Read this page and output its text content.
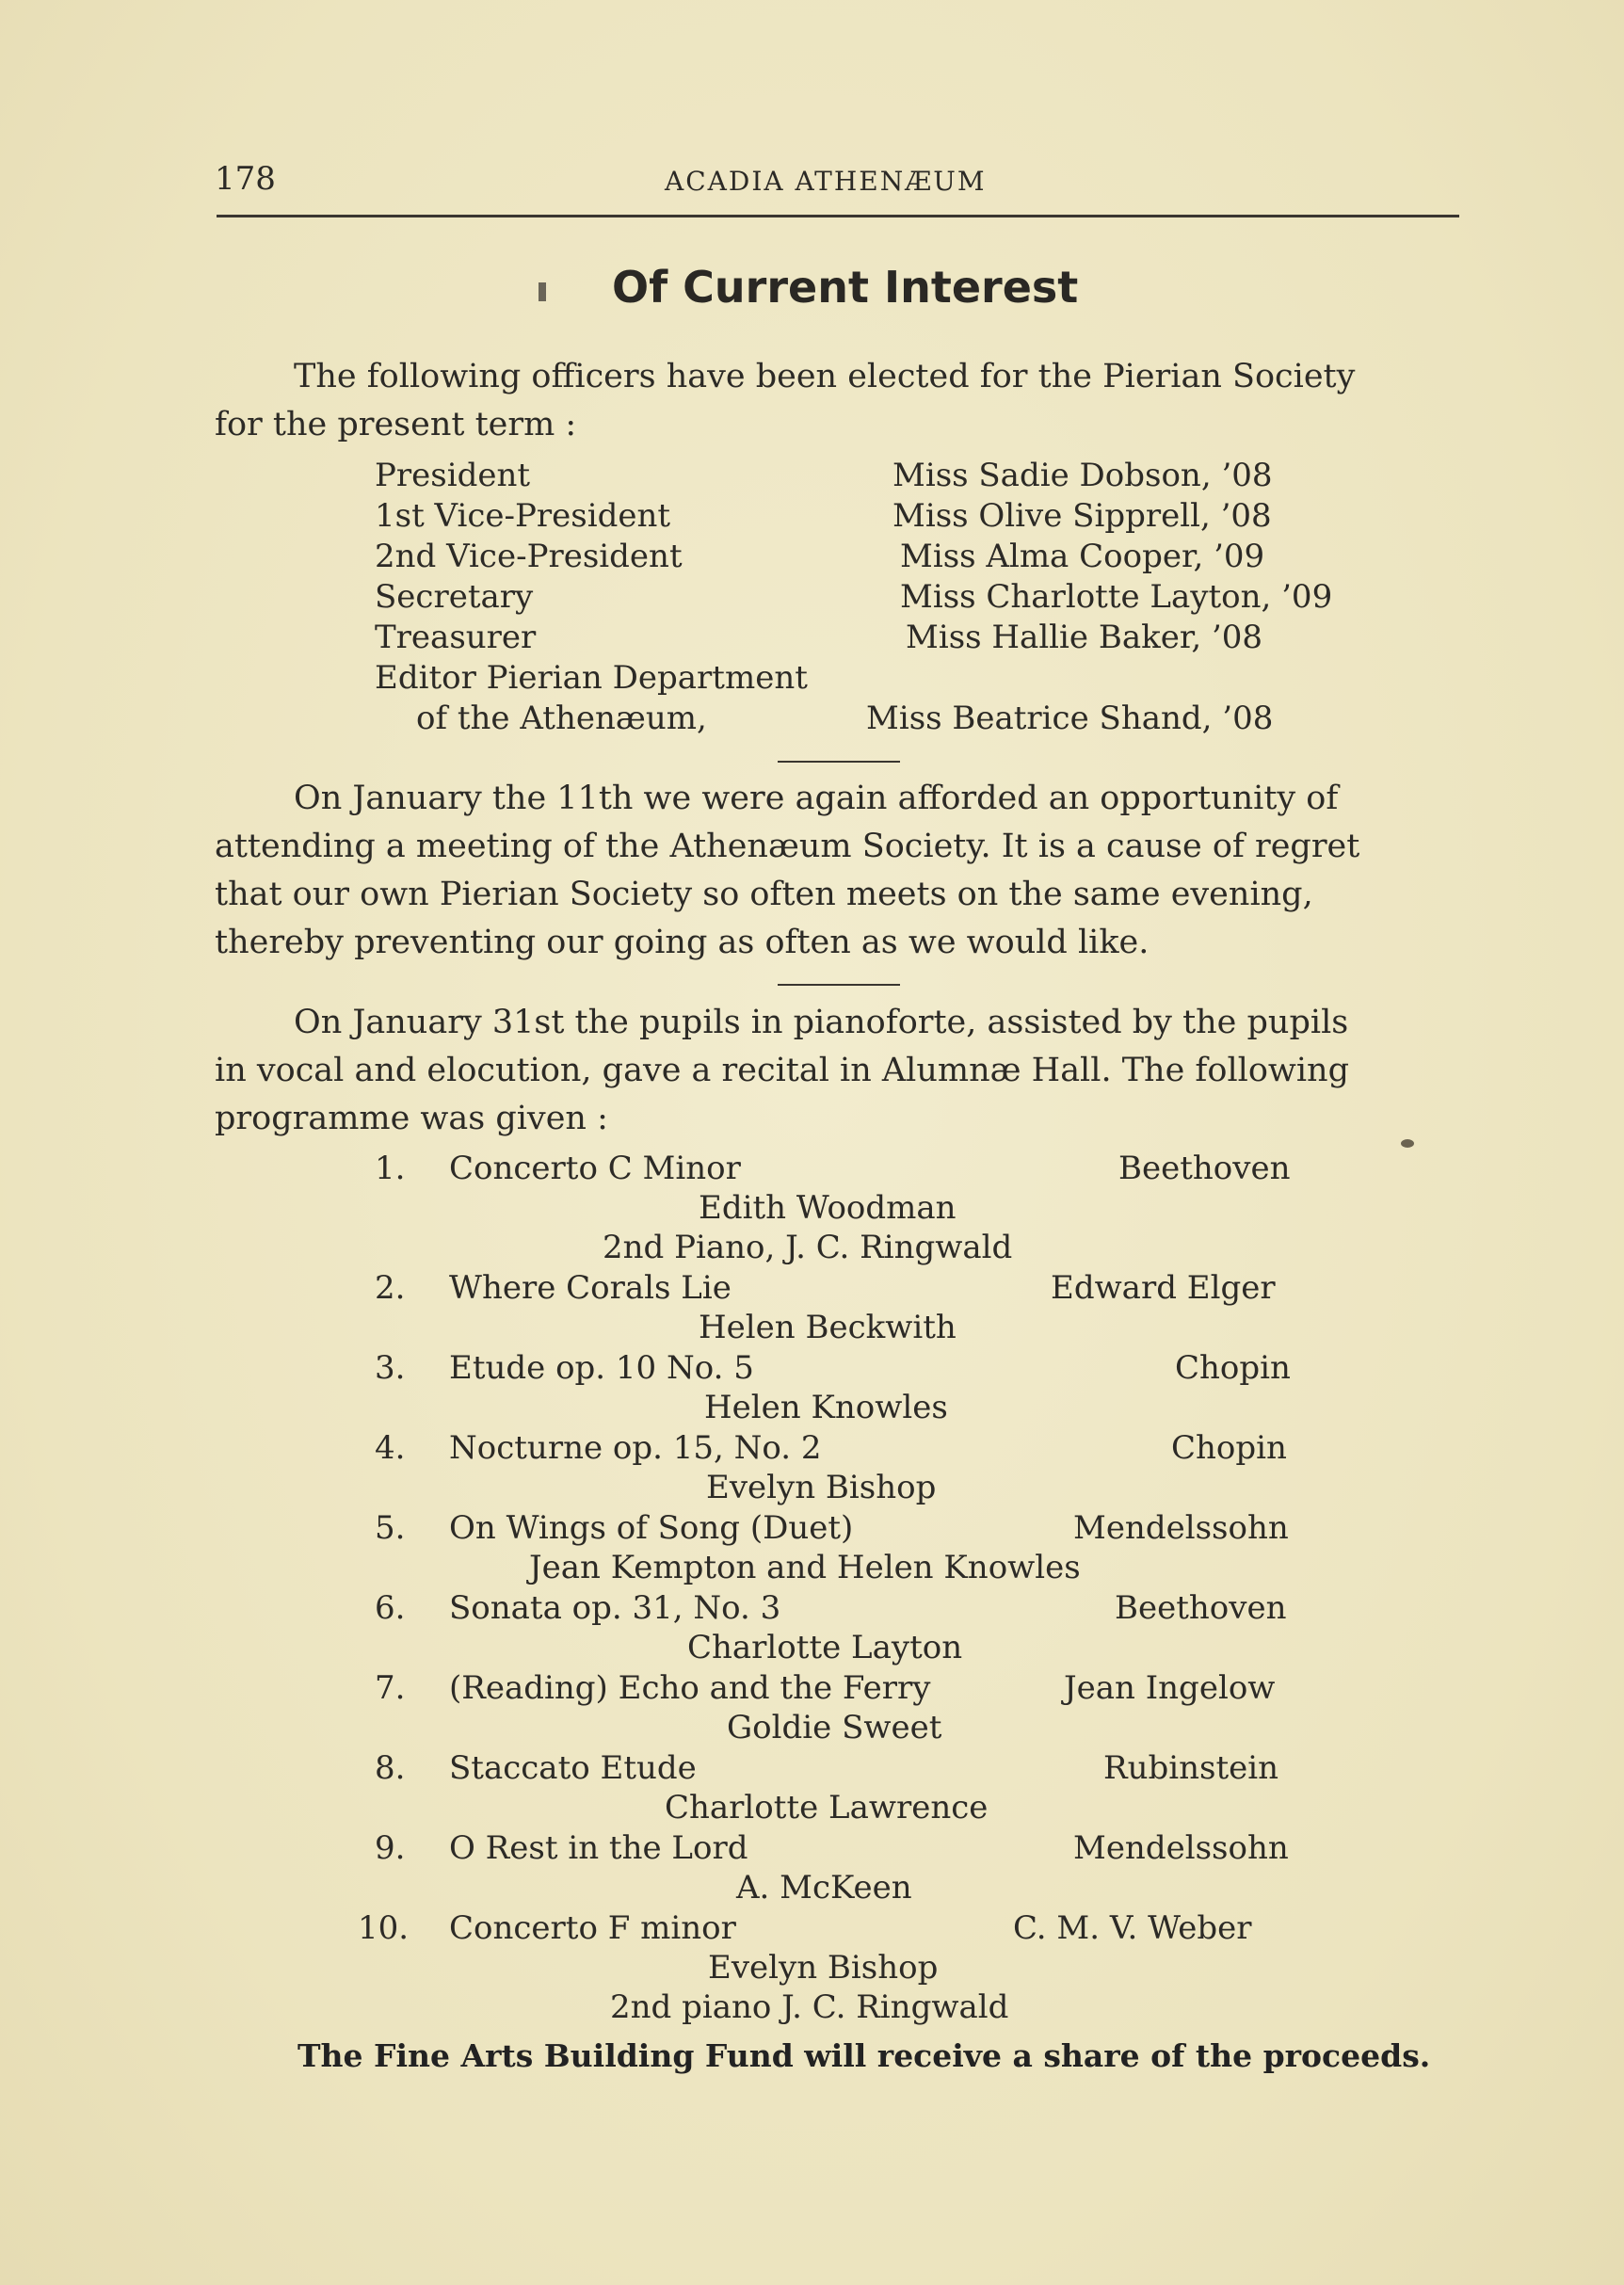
178	ACADIA ATHENÆUM
Of Current Interest
The following officers have been elected for the Pierian Society
for the present term :
President	Miss Sadie Dobson, ’08
1st Vice-President	Miss Olive Sipprell, ’08
2nd Vice-President	Miss Alma Cooper, ’09
Secretary	Miss Charlotte Layton, ’09
Treasurer	Miss Hallie Baker, ’08
Editor Pierian Department
of the Athenæum,	Miss Beatrice Shand, ’08
On January the 11th we were again afforded an opportunity of
attending a meeting of the Athenæum Society. It is a cause of regret
that our own Pierian Society so often meets on the same evening,
thereby preventing our going as often as we would like.
On January 31st the pupils in pianoforte, assisted by the pupils
in vocal and elocution, gave a recital in Alumnæ Hall. The following
programme was given :
1. Concerto C Minor	Beethoven
Edith Woodman
2nd Piano, J. C. Ringwald
2. Where Corals Lie	Edward Elger
Helen Beckwith
3. Etude op. 10 No. 5	Chopin
Helen Knowles
4. Nocturne op. 15, No. 2	Chopin
Evelyn Bishop
5. On Wings of Song (Duet)	Mendelssohn
Jean Kempton and Helen Knowles
6. Sonata op. 31, No. 3	Beethoven
Charlotte Layton
7. (Reading) Echo and the Ferry	Jean Ingelow
Goldie Sweet
8. Staccato Etude	Rubinstein
Charlotte Lawrence
9. O Rest in the Lord	Mendelssohn
A. McKeen
10. Concerto F minor	C. M. V. Weber
Evelyn Bishop
2nd piano J. C. Ringwald
The Fine Arts Building Fund will receive a share of the proceeds.
